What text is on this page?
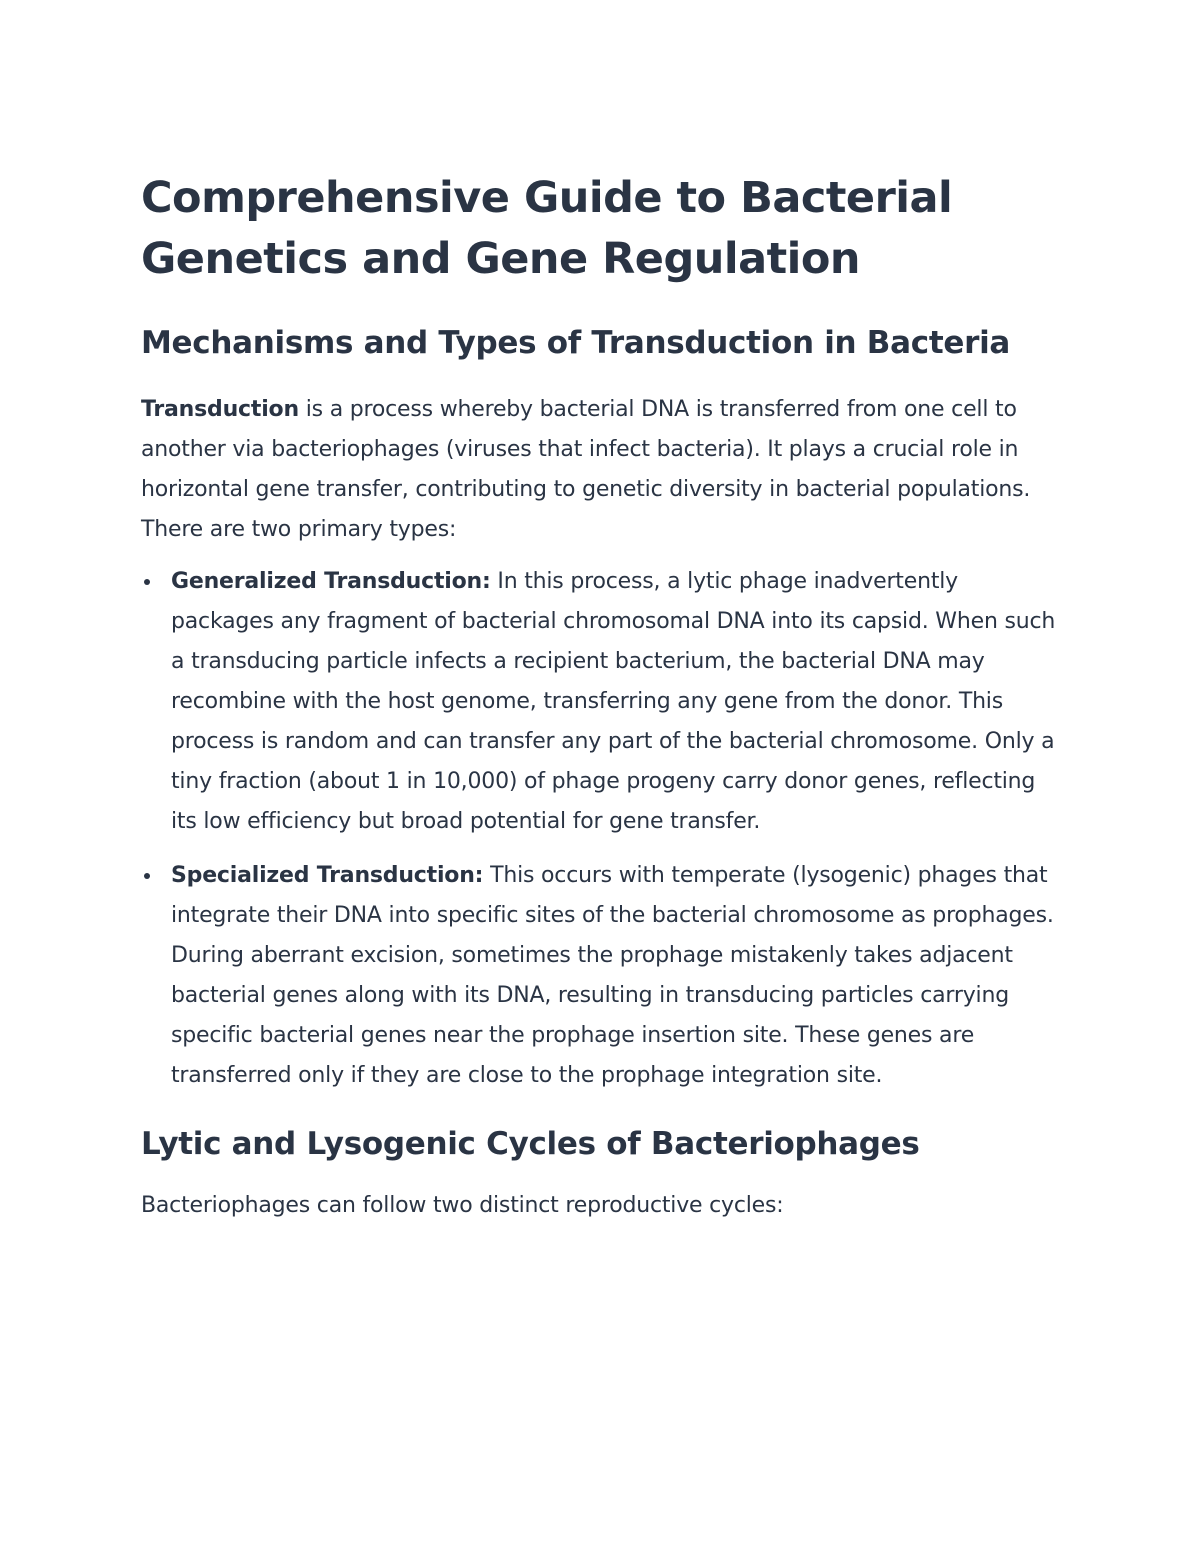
Comprehensive Guide to Bacterial Genetics and Gene Regulation
Mechanisms and Types of Transduction in Bacteria

Transduction is a process whereby bacterial DNA is transferred from one cell to another via bacteriophages (viruses that infect bacteria). It plays a crucial role in horizontal gene transfer, contributing to genetic diversity in bacterial populations. There are two primary types:

Generalized Transduction: In this process, a lytic phage inadvertently packages any fragment of bacterial chromosomal DNA into its capsid. When such a transducing particle infects a recipient bacterium, the bacterial DNA may recombine with the host genome, transferring any gene from the donor. This process is random and can transfer any part of the bacterial chromosome. Only a tiny fraction (about 1 in 10,000) of phage progeny carry donor genes, reflecting its low efficiency but broad potential for gene transfer.
Specialized Transduction: This occurs with temperate (lysogenic) phages that integrate their DNA into specific sites of the bacterial chromosome as prophages. During aberrant excision, sometimes the prophage mistakenly takes adjacent bacterial genes along with its DNA, resulting in transducing particles carrying specific bacterial genes near the prophage insertion site. These genes are transferred only if they are close to the prophage integration site.
Lytic and Lysogenic Cycles of Bacteriophages

Bacteriophages can follow two distinct reproductive cycles:
